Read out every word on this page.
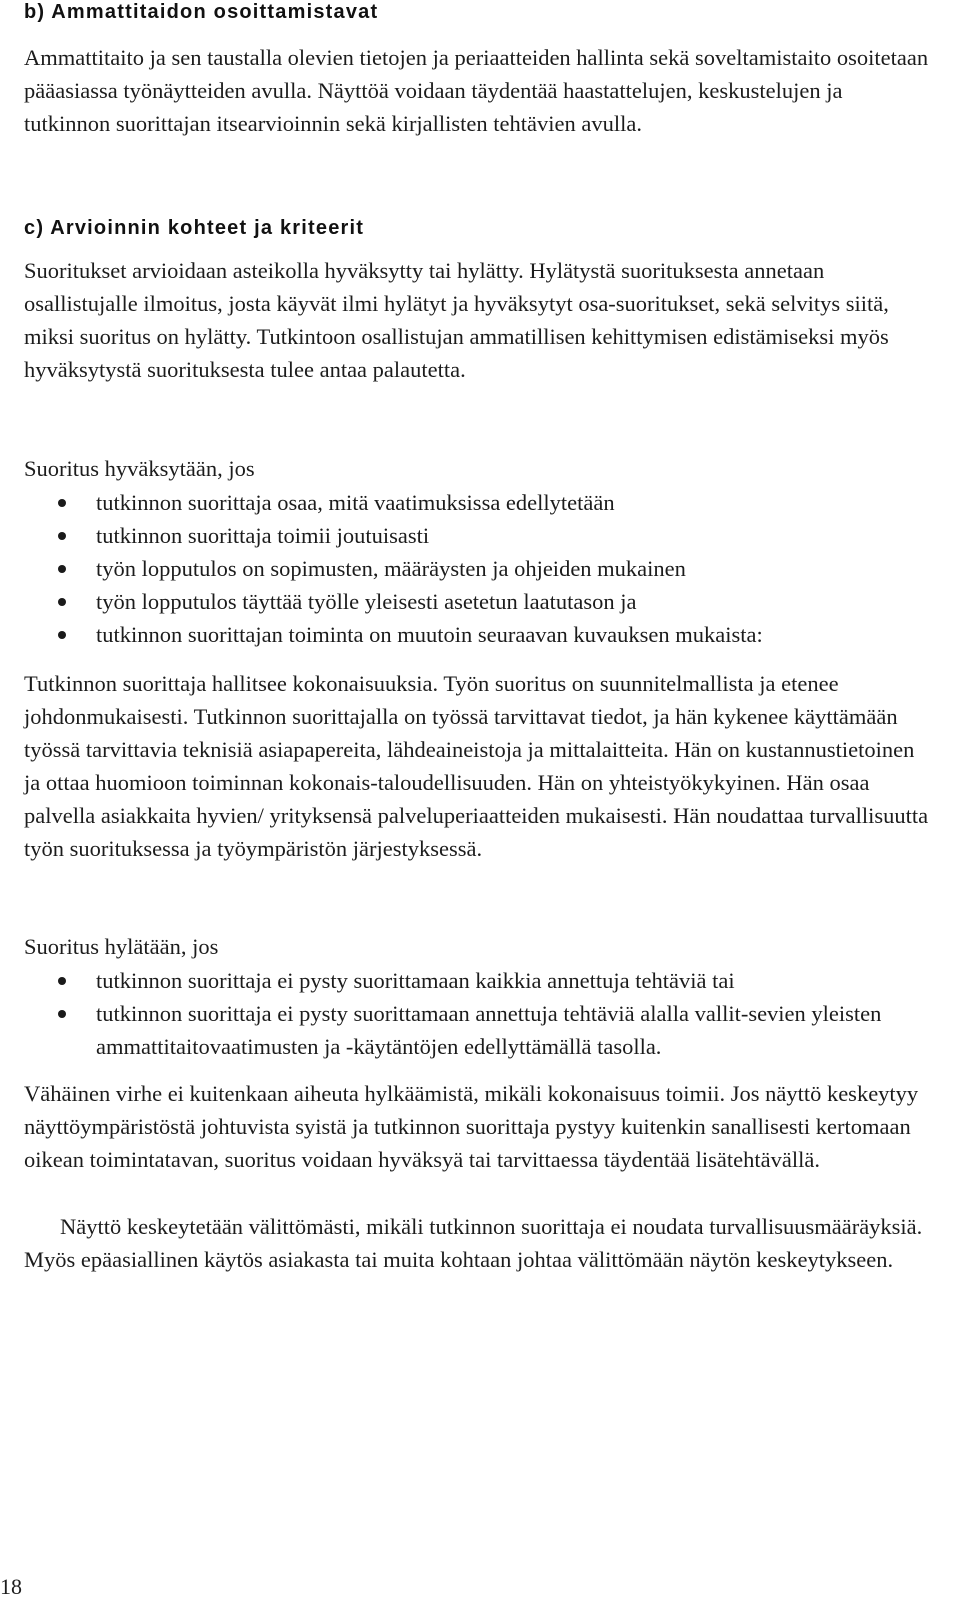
b) Ammattitaidon osoittamistavat

Ammattitaito ja sen taustalla olevien tietojen ja periaatteiden hallinta sekä soveltamistaito osoitetaan pääasiassa työnäytteiden avulla. Näyttöä voidaan täydentää haastattelujen, keskustelujen ja tutkinnon suorittajan itsearvioinnin sekä kirjallisten tehtävien avulla.

c) Arvioinnin kohteet ja kriteerit

Suoritukset arvioidaan asteikolla hyväksytty tai hylätty. Hylätystä suorituksesta annetaan osallistujalle ilmoitus, josta käyvät ilmi hylätyt ja hyväksytyt osa-suoritukset, sekä selvitys siitä, miksi suoritus on hylätty. Tutkintoon osallistujan ammatillisen kehittymisen edistämiseksi myös hyväksytystä suorituksesta tulee antaa palautetta.

Suoritus hyväksytään, jos

tutkinnon suorittaja osaa, mitä vaatimuksissa edellytetään
tutkinnon suorittaja toimii joutuisasti
työn lopputulos on sopimusten, määräysten ja ohjeiden mukainen
työn lopputulos täyttää työlle yleisesti asetetun laatutason ja
tutkinnon suorittajan toiminta on muutoin seuraavan kuvauksen mukaista:

Tutkinnon suorittaja hallitsee kokonaisuuksia. Työn suoritus on suunnitelmallista ja etenee johdonmukaisesti. Tutkinnon suorittajalla on työssä tarvittavat tiedot, ja hän kykenee käyttämään työssä tarvittavia teknisiä asiapapereita, lähdeaineistoja ja mittalaitteita. Hän on kustannustietoinen ja ottaa huomioon toiminnan kokonais-taloudellisuuden. Hän on yhteistyökykyinen. Hän osaa palvella asiakkaita hyvien/ yrityksensä palveluperiaatteiden mukaisesti. Hän noudattaa turvallisuutta työn suorituksessa ja työympäristön järjestyksessä.

Suoritus hylätään, jos

tutkinnon suorittaja ei pysty suorittamaan kaikkia annettuja tehtäviä tai
tutkinnon suorittaja ei pysty suorittamaan annettuja tehtäviä alalla vallit-sevien yleisten ammattitaitovaatimusten ja -käytäntöjen edellyttämällä tasolla.

Vähäinen virhe ei kuitenkaan aiheuta hylkäämistä, mikäli kokonaisuus toimii. Jos näyttö keskeytyy näyttöympäristöstä johtuvista syistä ja tutkinnon suorittaja pystyy kuitenkin sanallisesti kertomaan oikean toimintatavan, suoritus voidaan hyväksyä tai tarvittaessa täydentää lisätehtävällä.

Näyttö keskeytetään välittömästi, mikäli tutkinnon suorittaja ei noudata turvallisuusmääräyksiä. Myös epäasiallinen käytös asiakasta tai muita kohtaan johtaa välittömään näytön keskeytykseen.

18
